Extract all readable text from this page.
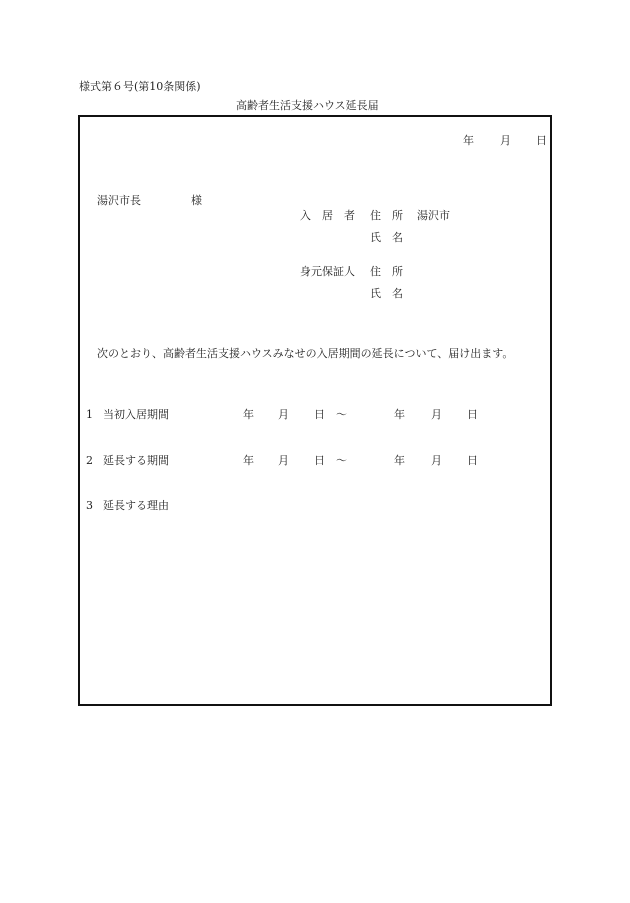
様式第６号(第10条関係)
高齢者生活支援ハウス延長届
年 月 日
湯沢市長	様
入　居　者 住　所 湯沢市
氏　名
身元保証人 住　所
氏　名
次のとおり、高齢者生活支援ハウスみなせの入居期間の延長について、届け出ます。
1 当初入居期間	年 月 日 ～	年 月 日
2 延長する期間	年 月 日 ～	年 月 日
3 延長する理由
